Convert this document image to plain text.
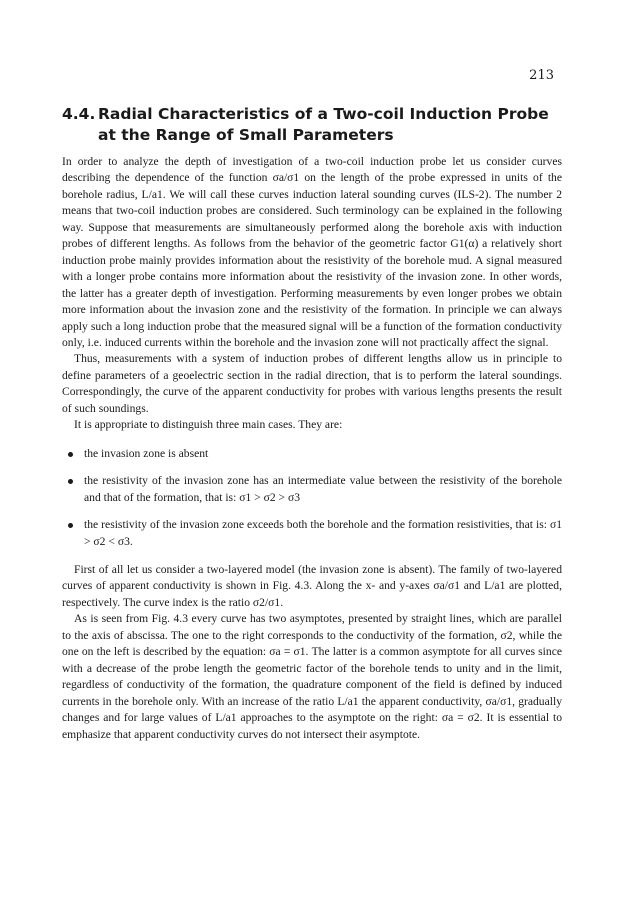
213
4.4. Radial Characteristics of a Two-coil Induction Probe at the Range of Small Parameters

In order to analyze the depth of investigation of a two-coil induction probe let us consider curves describing the dependence of the function σa/σ1 on the length of the probe expressed in units of the borehole radius, L/a1. We will call these curves induction lateral sounding curves (ILS-2). The number 2 means that two-coil induction probes are considered. Such terminology can be explained in the following way. Suppose that measurements are simultaneously performed along the borehole axis with induction probes of different lengths. As follows from the behavior of the geometric factor G1(α) a relatively short induction probe mainly provides information about the resistivity of the borehole mud. A signal measured with a longer probe contains more information about the resistivity of the invasion zone. In other words, the latter has a greater depth of investigation. Performing measurements by even longer probes we obtain more information about the invasion zone and the resistivity of the formation. In principle we can always apply such a long induction probe that the measured signal will be a function of the formation conductivity only, i.e. induced currents within the borehole and the invasion zone will not practically affect the signal.

Thus, measurements with a system of induction probes of different lengths allow us in principle to define parameters of a geoelectric section in the radial direction, that is to perform the lateral soundings. Correspondingly, the curve of the apparent conductivity for probes with various lengths presents the result of such soundings.

It is appropriate to distinguish three main cases. They are:

the invasion zone is absent
the resistivity of the invasion zone has an intermediate value between the resistivity of the borehole and that of the formation, that is: σ1 > σ2 > σ3
the resistivity of the invasion zone exceeds both the borehole and the formation resistivities, that is: σ1 > σ2 < σ3.

First of all let us consider a two-layered model (the invasion zone is absent). The family of two-layered curves of apparent conductivity is shown in Fig. 4.3. Along the x- and y-axes σa/σ1 and L/a1 are plotted, respectively. The curve index is the ratio σ2/σ1.

As is seen from Fig. 4.3 every curve has two asymptotes, presented by straight lines, which are parallel to the axis of abscissa. The one to the right corresponds to the conductivity of the formation, σ2, while the one on the left is described by the equation: σa = σ1. The latter is a common asymptote for all curves since with a decrease of the probe length the geometric factor of the borehole tends to unity and in the limit, regardless of conductivity of the formation, the quadrature component of the field is defined by induced currents in the borehole only. With an increase of the ratio L/a1 the apparent conductivity, σa/σ1, gradually changes and for large values of L/a1 approaches to the asymptote on the right: σa = σ2. It is essential to emphasize that apparent conductivity curves do not intersect their asymptote.
